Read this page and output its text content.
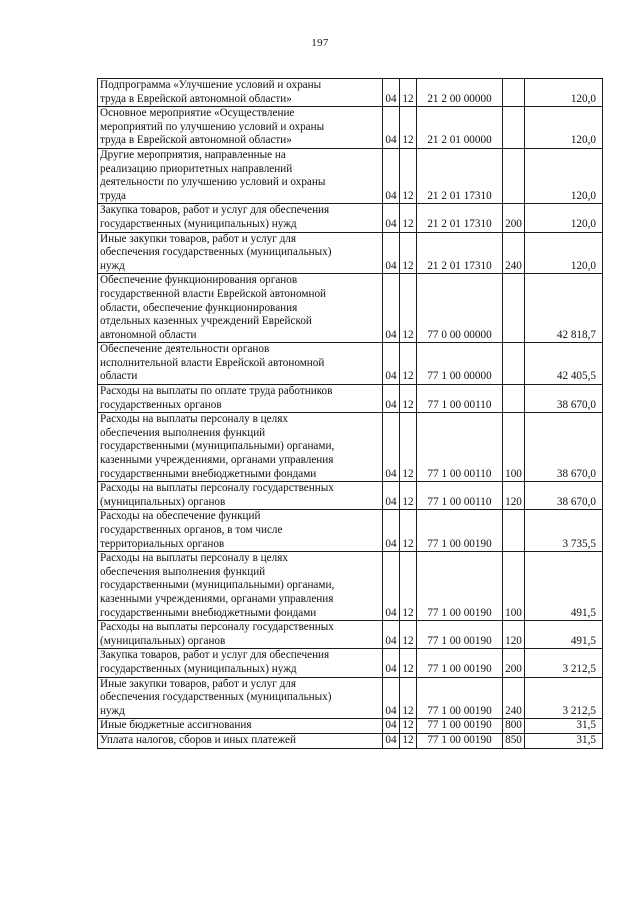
197
Подпрограмма «Улучшение условий и охраны
труда в Еврейской автономной области»	04	12	21 2 00 00000		120,0

Основное мероприятие «Осуществление
мероприятий по улучшению условий и охраны
труда в Еврейской автономной области»	04	12	21 2 01 00000		120,0

Другие мероприятия, направленные на
реализацию приоритетных направлений
деятельности по улучшению условий и охраны
труда	04	12	21 2 01 17310		120,0

Закупка товаров, работ и услуг для обеспечения
государственных (муниципальных) нужд	04	12	21 2 01 17310	200	120,0

Иные закупки товаров, работ и услуг для
обеспечения государственных (муниципальных)
нужд	04	12	21 2 01 17310	240	120,0

Обеспечение функционирования органов
государственной власти Еврейской автономной
области, обеспечение функционирования
отдельных казенных учреждений Еврейской
автономной области	04	12	77 0 00 00000		42 818,7

Обеспечение деятельности органов
исполнительной власти Еврейской автономной
области	04	12	77 1 00 00000		42 405,5

Расходы на выплаты по оплате труда работников
государственных органов	04	12	77 1 00 00110		38 670,0

Расходы на выплаты персоналу в целях
обеспечения выполнения функций
государственными (муниципальными) органами,
казенными учреждениями, органами управления
государственными внебюджетными фондами	04	12	77 1 00 00110	100	38 670,0

Расходы на выплаты персоналу государственных
(муниципальных) органов	04	12	77 1 00 00110	120	38 670,0

Расходы на обеспечение функций
государственных органов, в том числе
территориальных органов	04	12	77 1 00 00190		3 735,5

Расходы на выплаты персоналу в целях
обеспечения выполнения функций
государственными (муниципальными) органами,
казенными учреждениями, органами управления
государственными внебюджетными фондами	04	12	77 1 00 00190	100	491,5

Расходы на выплаты персоналу государственных
(муниципальных) органов	04	12	77 1 00 00190	120	491,5

Закупка товаров, работ и услуг для обеспечения
государственных (муниципальных) нужд	04	12	77 1 00 00190	200	3 212,5

Иные закупки товаров, работ и услуг для
обеспечения государственных (муниципальных)
нужд	04	12	77 1 00 00190	240	3 212,5

Иные бюджетные ассигнования	04	12	77 1 00 00190	800	31,5

Уплата налогов, сборов и иных платежей	04	12	77 1 00 00190	850	31,5
